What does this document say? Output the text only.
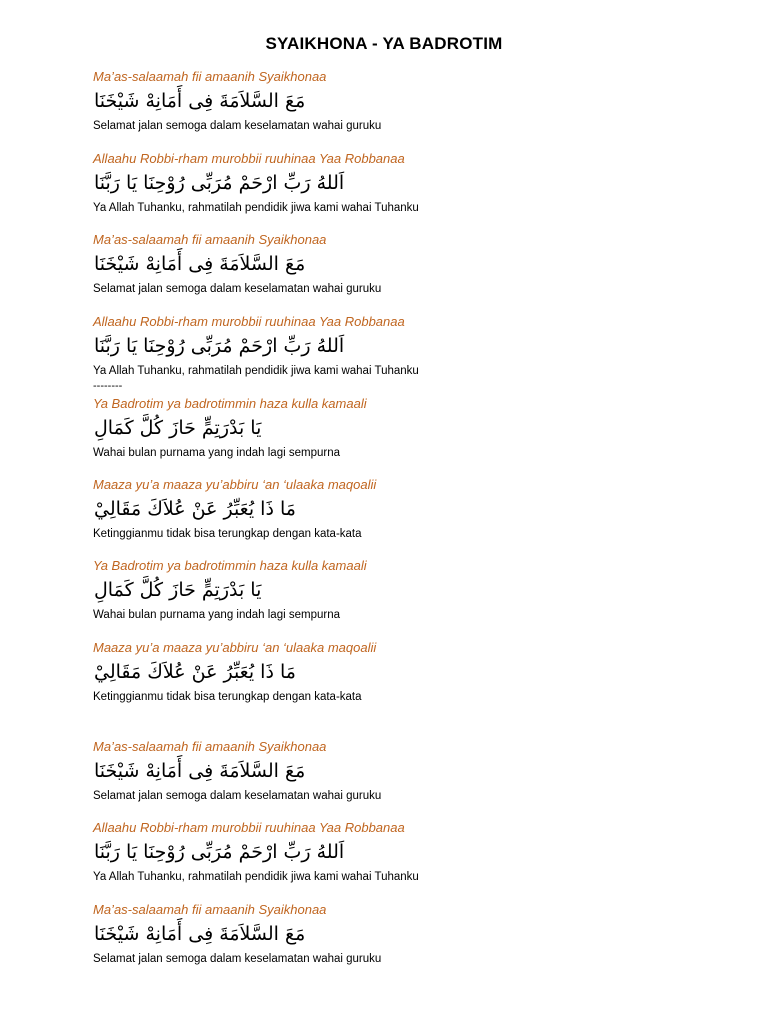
SYAIKHONA - YA BADROTIM
Ma’as-salaamah fii amaanih Syaikhonaa
مَعَ السَّلاَمَةَ فِى أَمَانِهْ شَيْخَنَا
Selamat jalan semoga dalam keselamatan wahai guruku
Allaahu Robbi-rham murobbii ruuhinaa Yaa Robbanaa
اَللهُ رَبِّ ارْحَمْ مُرَبِّى رُوْحِنَا يَا رَبَّنَا
Ya Allah Tuhanku, rahmatilah pendidik jiwa kami wahai Tuhanku
Ma’as-salaamah fii amaanih Syaikhonaa
مَعَ السَّلاَمَةَ فِى أَمَانِهْ شَيْخَنَا
Selamat jalan semoga dalam keselamatan wahai guruku
Allaahu Robbi-rham murobbii ruuhinaa Yaa Robbanaa
اَللهُ رَبِّ ارْحَمْ مُرَبِّى رُوْحِنَا يَا رَبَّنَا
Ya Allah Tuhanku, rahmatilah pendidik jiwa kami wahai Tuhanku
--------
Ya Badrotim ya badrotimmin haza kulla kamaali
يَا بَدْرَتِمٍّ حَازَ كُلَّ كَمَالِ
Wahai bulan purnama yang indah lagi sempurna
Maaza yu’a maaza yu’abbiru ‘an ‘ulaaka maqoalii
مَا ذَا يُعَبِّرُ عَنْ عُلاَكَ مَقَالِيْ
Ketinggianmu tidak bisa terungkap dengan kata-kata
Ya Badrotim ya badrotimmin haza kulla kamaali
يَا بَدْرَتِمٍّ حَازَ كُلَّ كَمَالِ
Wahai bulan purnama yang indah lagi sempurna
Maaza yu’a maaza yu’abbiru ‘an ‘ulaaka maqoalii
مَا ذَا يُعَبِّرُ عَنْ عُلاَكَ مَقَالِيْ
Ketinggianmu tidak bisa terungkap dengan kata-kata
Ma’as-salaamah fii amaanih Syaikhonaa
مَعَ السَّلاَمَةَ فِى أَمَانِهْ شَيْخَنَا
Selamat jalan semoga dalam keselamatan wahai guruku
Allaahu Robbi-rham murobbii ruuhinaa Yaa Robbanaa
اَللهُ رَبِّ ارْحَمْ مُرَبِّى رُوْحِنَا يَا رَبَّنَا
Ya Allah Tuhanku, rahmatilah pendidik jiwa kami wahai Tuhanku
Ma’as-salaamah fii amaanih Syaikhonaa
مَعَ السَّلاَمَةَ فِى أَمَانِهْ شَيْخَنَا
Selamat jalan semoga dalam keselamatan wahai guruku
